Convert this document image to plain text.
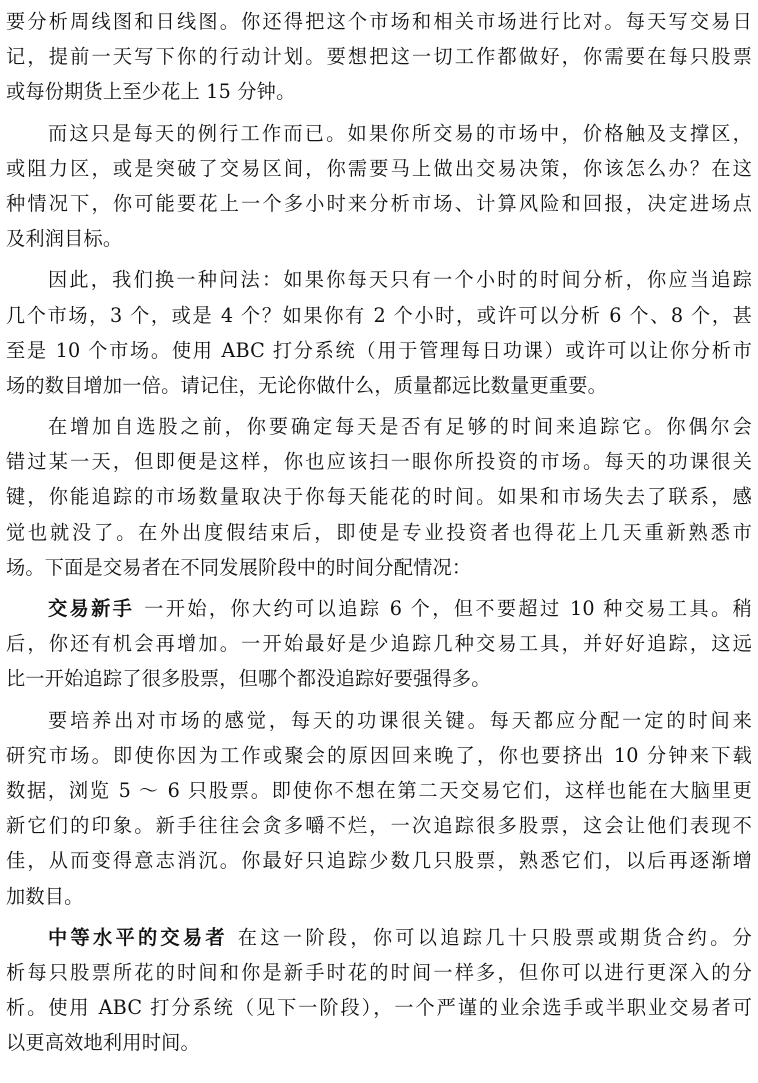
要分析周线图和日线图。你还得把这个市场和相关市场进行比对。每天写交易日
记，提前一天写下你的行动计划。要想把这一切工作都做好，你需要在每只股票
或每份期货上至少花上 15 分钟。
而这只是每天的例行工作而已。如果你所交易的市场中，价格触及支撑区，
或阻力区，或是突破了交易区间，你需要马上做出交易决策，你该怎么办？在这
种情况下，你可能要花上一个多小时来分析市场、计算风险和回报，决定进场点
及利润目标。
因此，我们换一种问法：如果你每天只有一个小时的时间分析，你应当追踪
几个市场，3 个，或是 4 个？如果你有 2 个小时，或许可以分析 6 个、8 个，甚
至是 10 个市场。使用 ABC 打分系统（用于管理每日功课）或许可以让你分析市
场的数目增加一倍。请记住，无论你做什么，质量都远比数量更重要。
在增加自选股之前，你要确定每天是否有足够的时间来追踪它。你偶尔会
错过某一天，但即便是这样，你也应该扫一眼你所投资的市场。每天的功课很关
键，你能追踪的市场数量取决于你每天能花的时间。如果和市场失去了联系，感
觉也就没了。在外出度假结束后，即使是专业投资者也得花上几天重新熟悉市
场。下面是交易者在不同发展阶段中的时间分配情况：
交易新手 一开始，你大约可以追踪 6 个，但不要超过 10 种交易工具。稍
后，你还有机会再增加。一开始最好是少追踪几种交易工具，并好好追踪，这远
比一开始追踪了很多股票，但哪个都没追踪好要强得多。
要培养出对市场的感觉，每天的功课很关键。每天都应分配一定的时间来
研究市场。即使你因为工作或聚会的原因回来晚了，你也要挤出 10 分钟来下载
数据，浏览 5 ～ 6 只股票。即使你不想在第二天交易它们，这样也能在大脑里更
新它们的印象。新手往往会贪多嚼不烂，一次追踪很多股票，这会让他们表现不
佳，从而变得意志消沉。你最好只追踪少数几只股票，熟悉它们，以后再逐渐增
加数目。
中等水平的交易者 在这一阶段，你可以追踪几十只股票或期货合约。分
析每只股票所花的时间和你是新手时花的时间一样多，但你可以进行更深入的分
析。使用 ABC 打分系统（见下一阶段），一个严谨的业余选手或半职业交易者可
以更高效地利用时间。
